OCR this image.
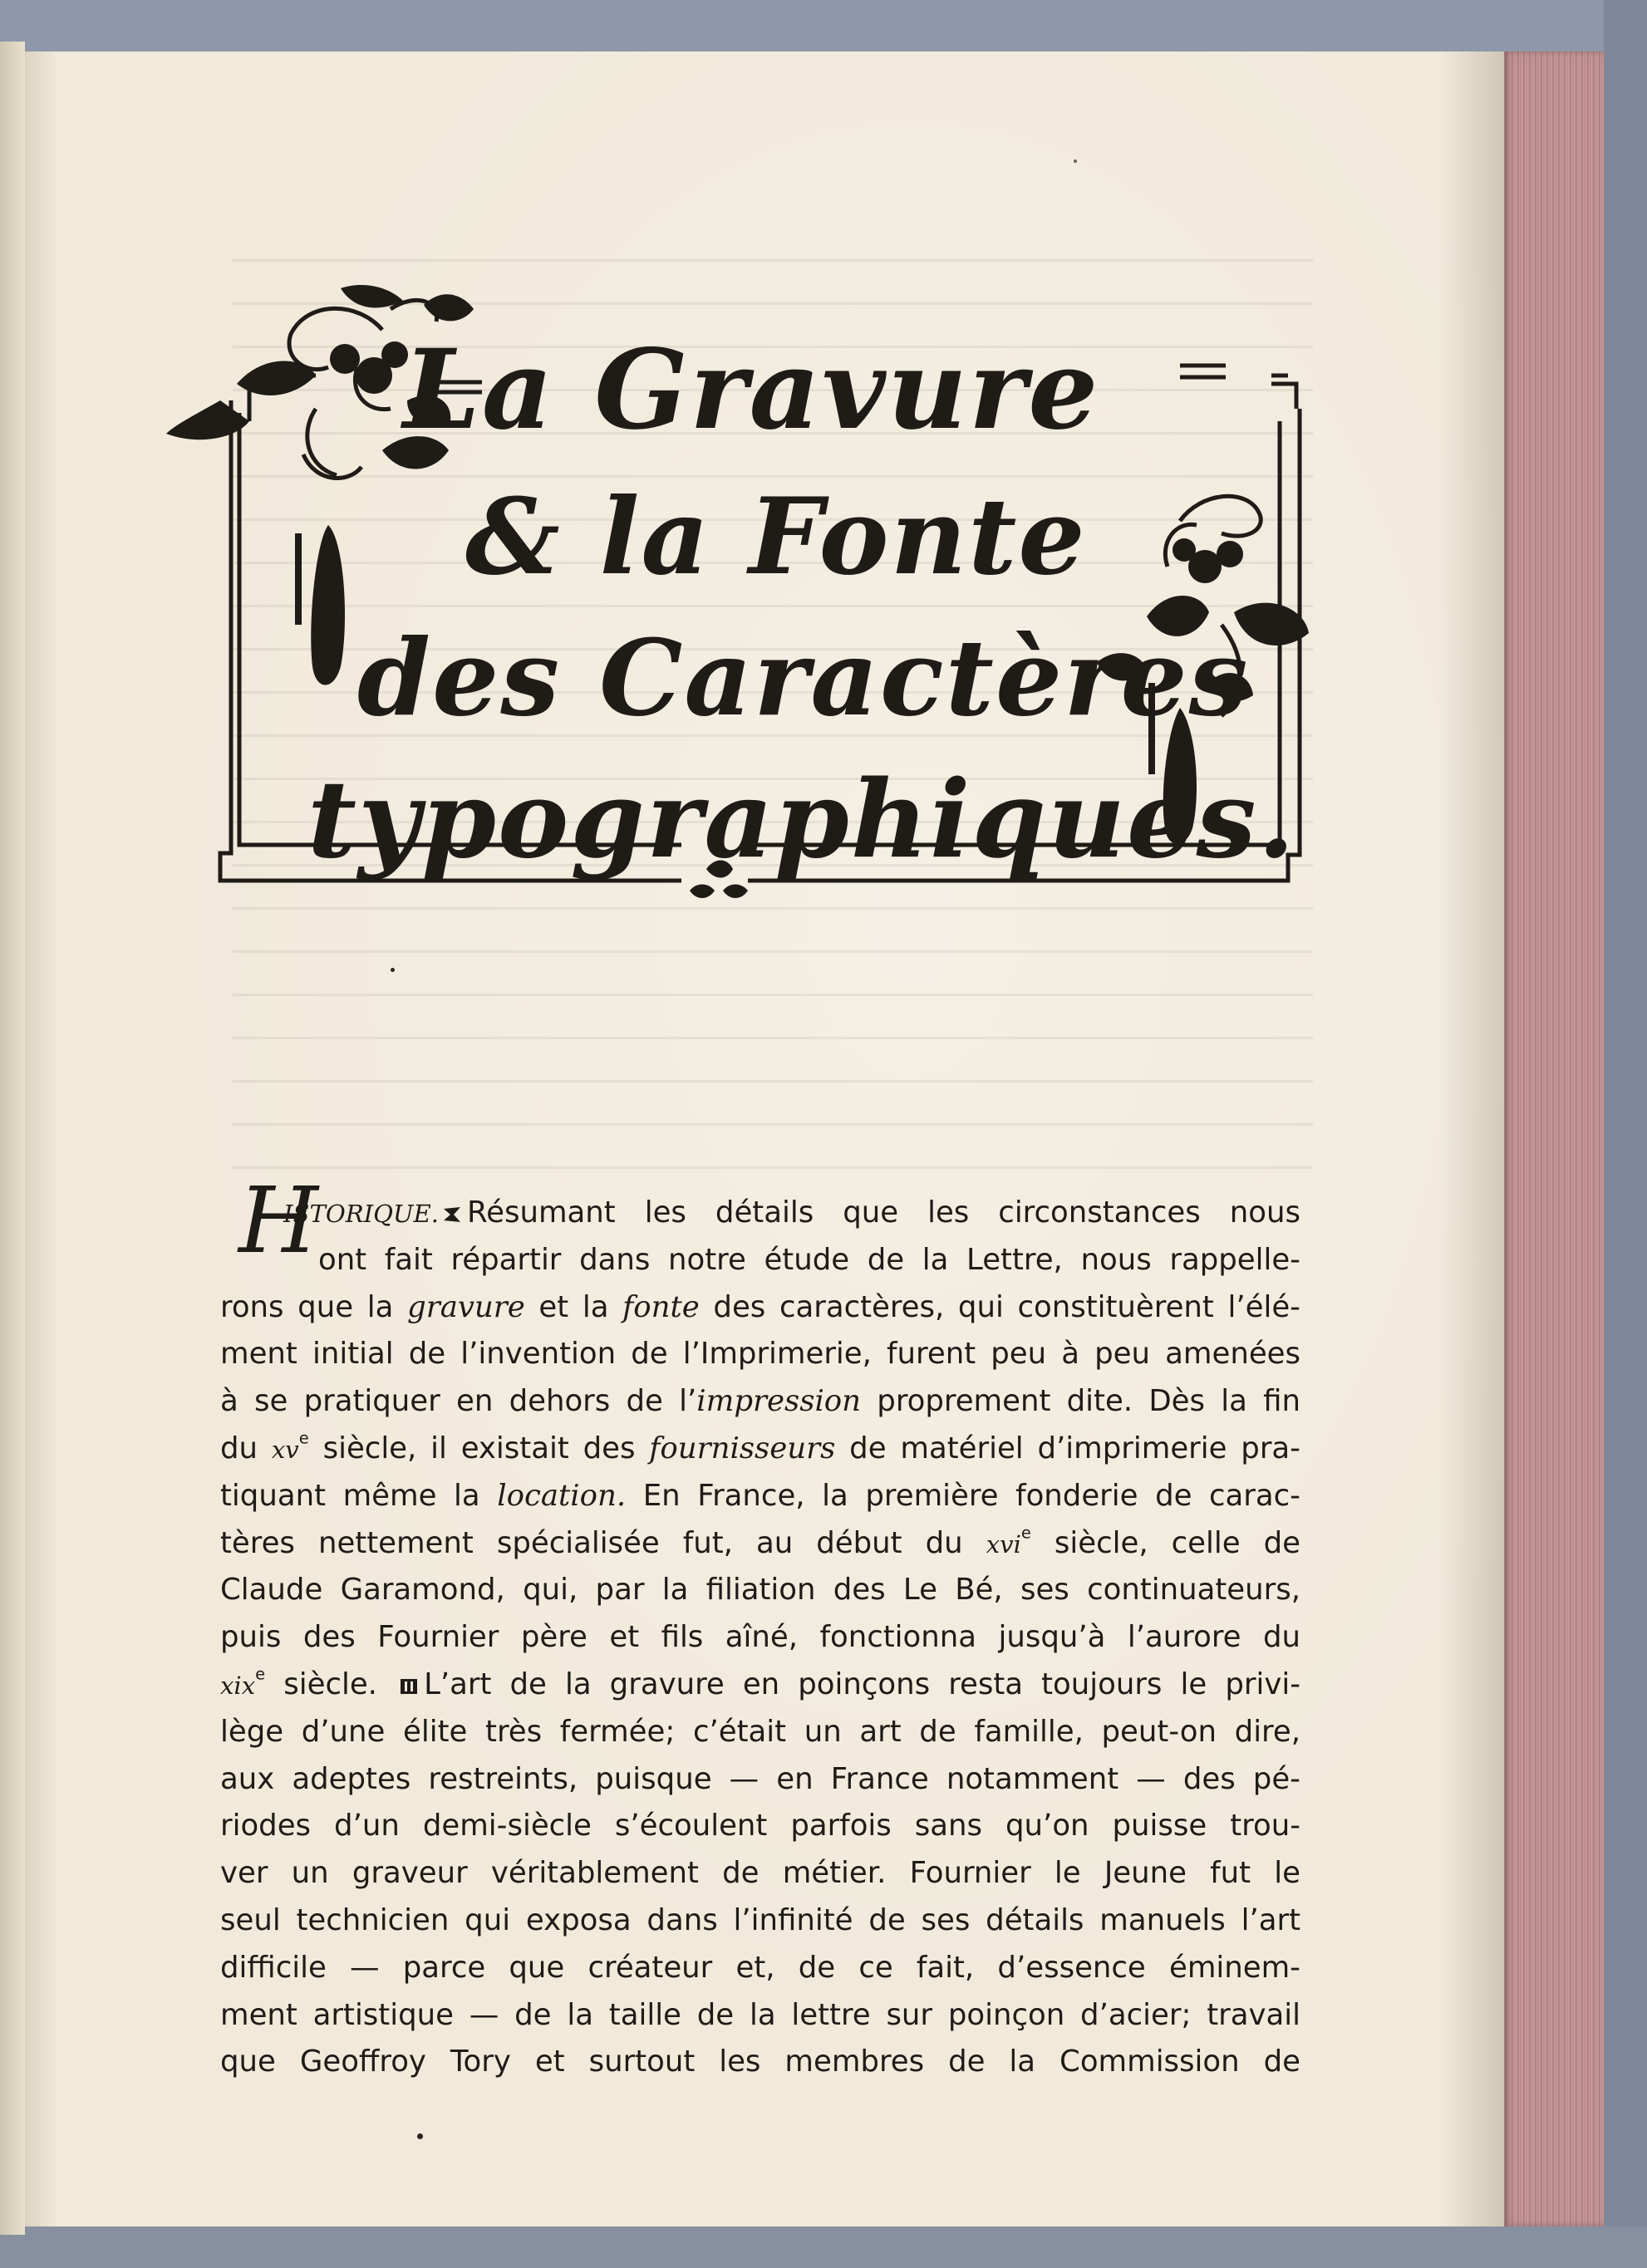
La Gravure
& la Fonte
des Caractères
typographiques.
H
ISTORIQUE. Résumant les détails que les circonstances nous
ont fait répartir dans notre étude de la Lettre, nous rappelle-
rons que la gravure et la fonte des caractères, qui constituèrent l’élé-
ment initial de l’invention de l’Imprimerie, furent peu à peu amenées
à se pratiquer en dehors de l’impression proprement dite. Dès la fin
du $xv^e$ siècle, il existait des fournisseurs de matériel d’imprimerie pra-
tiquant même la location. En France, la première fonderie de carac-
tères nettement spécialisée fut, au début du xvi$^e$ siècle, celle de
Claude Garamond, qui, par la filiation des Le Bé, ses continuateurs,
puis des Fournier père et fils aîné, fonctionna jusqu’à l’aurore du
xix$^e$ siècle. L’art de la gravure en poinçons resta toujours le privi-
lège d’une élite très fermée; c’était un art de famille, peut-on dire,
aux adeptes restreints, puisque — en France notamment — des pé-
riodes d’un demi-siècle s’écoulent parfois sans qu’on puisse trou-
ver un graveur véritablement de métier. Fournier le Jeune fut le
seul technicien qui exposa dans l’infinité de ses détails manuels l’art
difficile — parce que créateur et, de ce fait, d’essence éminem-
ment artistique — de la taille de la lettre sur poinçon d’acier; travail
que Geoffroy Tory et surtout les membres de la Commission de
